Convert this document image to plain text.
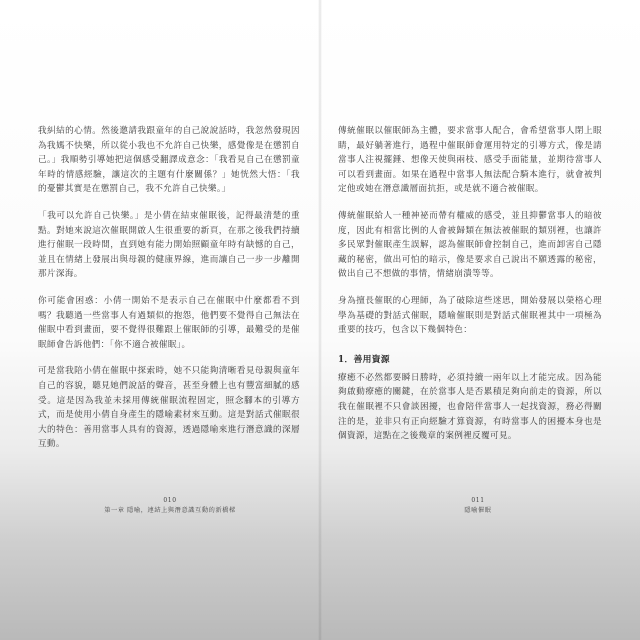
我糾結的心情。然後邀請我跟童年的自己說說話時，我忽然發現因為我媽不快樂，所以從小我也不允許自己快樂，感覺像是在懲罰自己。」我順勢引導她把這個感受翻譯成意念：「我看見自己在懲罰童年時的情感經驗，讓這次的主題有什麼關係？」她恍然大悟：「我的憂鬱其實是在懲罰自己，我不允許自己快樂。」

「我可以允許自己快樂。」是小倩在結束催眠後，記得最清楚的重點。對她來說這次催眠開啟人生很重要的新頁，在那之後我們持續進行催眠一段時間，直到她有能力開始照顧童年時有缺憾的自己，並且在情緒上發展出與母親的健康界線，進而讓自己一步一步離開那片深海。

你可能會困惑：小倩一開始不是表示自己在催眠中什麼都看不到嗎？我聽過一些當事人有過類似的抱怨，他們要不覺得自己無法在催眠中看到畫面，要不覺得很難跟上催眠師的引導，最難受的是催眠師會告訴他們：「你不適合被催眠」。

可是當我陪小倩在催眠中探索時，她不只能夠清晰看見母親與童年自己的容貌，聽見她們說話的聲音，甚至身體上也有豐富細膩的感受。這是因為我並未採用傳統催眠流程固定，照念腳本的引導方式，而是使用小倩自身產生的隱喻素材來互動。這是對話式催眠很大的特色：善用當事人具有的資源，透過隱喻來進行潛意識的深層互動。

010
第一章 隱喻，連結上與潛意識互動的新橋樑

傳統催眠以催眠師為主體，要求當事人配合，會希望當事人閉上眼睛，最好躺著進行，過程中催眠師會運用特定的引導方式，像是請當事人注視擺錘、想像天使與兩枝、感受手面能量，並期待當事人可以看到畫面。如果在過程中當事人無法配合騎本進行，就會被判定他或她在潛意識層面抗拒，或是就不適合被催眠。

傳統催眠給人一種神祕而帶有權威的感受，並且抑鬱當事人的暗彼度，因此有相當比例的人會被歸類在無法被催眠的類別裡，也讓許多民眾對催眠產生誤解，認為催眠師會控制自己，進而卸害自己隱藏的秘密，做出可怕的暗示，像是要求自己說出不願透露的秘密，做出自己不想做的事情，情緒崩潰等等。

身為擅長催眠的心理師，為了破除這些迷思，開始發展以榮格心理學為基礎的對話式催眠，隱喻催眠則是對話式催眠裡其中一項極為重要的技巧，包含以下幾個特色：

1．善用資源

療癒不必然都要瞬日勝時，必須持續一兩年以上才能完成。因為能夠啟動療癒的關鍵，在於當事人是否累積足夠向前走的資源，所以我在催眠裡不只會談困擾，也會陪伴當事人一起找資源，務必得關注的是，並非只有正向經驗才算資源，有時當事人的困擾本身也是個資源，這點在之後幾章的案例裡反覆可見。

011
隱喻催眠
